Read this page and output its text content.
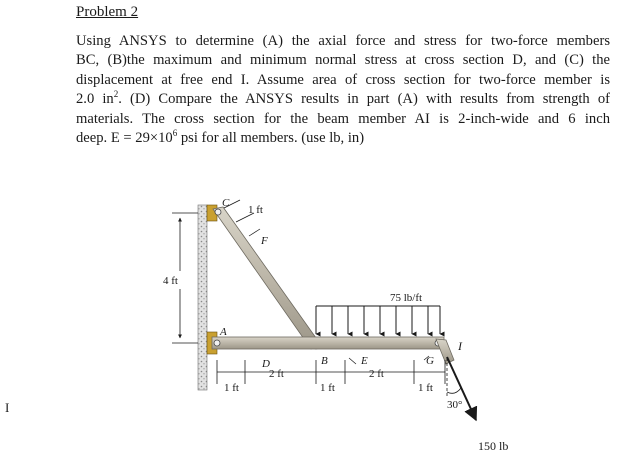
Problem 2

Using ANSYS to determine (A) the axial force and stress for two-force members
BC, (B)the maximum and minimum normal stress at cross section D, and (C) the
displacement at free end I. Assume area of cross section for two-force member is
2.0 $in^2$. (D) Compare the ANSYS results in part (A) with results from strength of
materials. The cross section for the beam member AI is 2-inch-wide and 6 inch
deep. $E = 29\times 10^6$ psi for all members. (use lb, in)

I
C
1 ft
F
4 ft
A
D	B	E	G
I
75 lb/ft
1 ft
2 ft
1 ft
2 ft
1 ft
30°
150 lb
